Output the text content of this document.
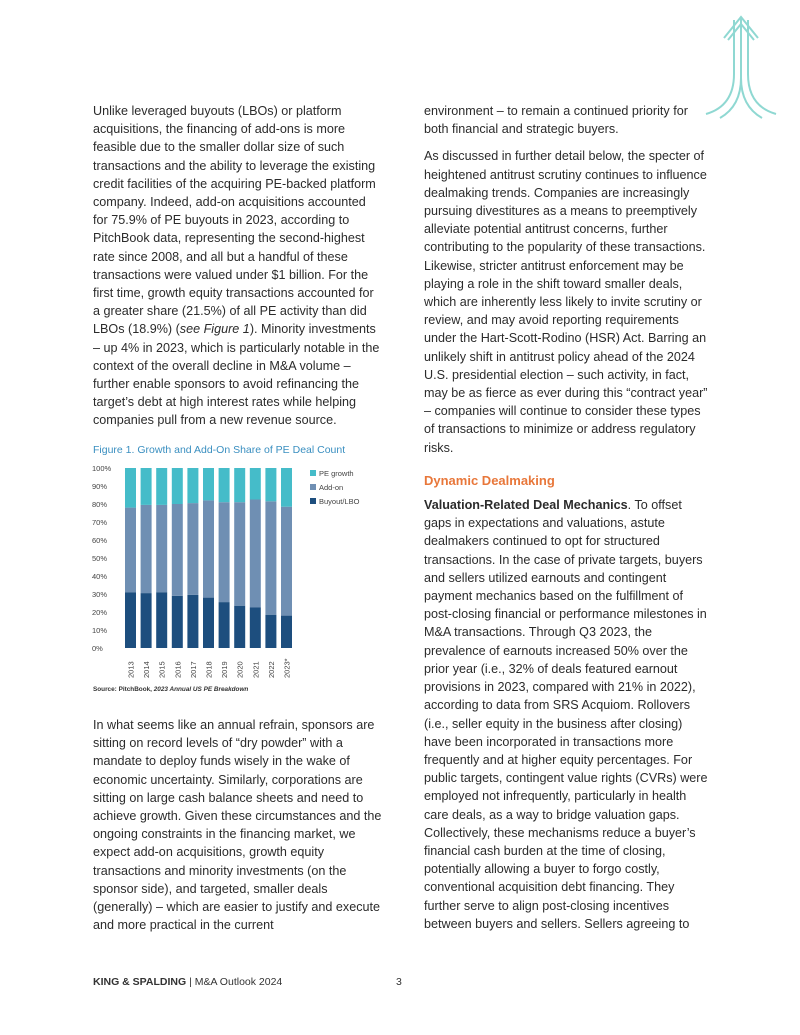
Unlike leveraged buyouts (LBOs) or platform acquisitions, the financing of add-ons is more feasible due to the smaller dollar size of such transactions and the ability to leverage the existing credit facilities of the acquiring PE-backed platform company. Indeed, add-on acquisitions accounted for 75.9% of PE buyouts in 2023, according to PitchBook data, representing the second-highest rate since 2008, and all but a handful of these transactions were valued under $1 billion. For the first time, growth equity transactions accounted for a greater share (21.5%) of all PE activity than did LBOs (18.9%) (see Figure 1). Minority investments – up 4% in 2023, which is particularly notable in the context of the overall decline in M&A volume – further enable sponsors to avoid refinancing the target’s debt at high interest rates while helping companies pull from a new revenue source.

Figure 1. Growth and Add-On Share of PE Deal Count
0%
10%
20%
30%
40%
50%
60%
70%
80%
90%
100%
2013 2014 2015 2016 2017 2018 2019 2020 2021 2022 2023*
PE growth
Add-on
Buyout/LBO
Source: PitchBook, 2023 Annual US PE Breakdown

In what seems like an annual refrain, sponsors are sitting on record levels of “dry powder” with a mandate to deploy funds wisely in the wake of economic uncertainty. Similarly, corporations are sitting on large cash balance sheets and need to achieve growth. Given these circumstances and the ongoing constraints in the financing market, we expect add-on acquisitions, growth equity transactions and minority investments (on the sponsor side), and targeted, smaller deals (generally) – which are easier to justify and execute and more practical in the current

environment – to remain a continued priority for both financial and strategic buyers.

As discussed in further detail below, the specter of heightened antitrust scrutiny continues to influence dealmaking trends. Companies are increasingly pursuing divestitures as a means to preemptively alleviate potential antitrust concerns, further contributing to the popularity of these transactions. Likewise, stricter antitrust enforcement may be playing a role in the shift toward smaller deals, which are inherently less likely to invite scrutiny or review, and may avoid reporting requirements under the Hart-Scott-Rodino (HSR) Act. Barring an unlikely shift in antitrust policy ahead of the 2024 U.S. presidential election – such activity, in fact, may be as fierce as ever during this “contract year” – companies will continue to consider these types of transactions to minimize or address regulatory risks.

Dynamic Dealmaking

Valuation-Related Deal Mechanics. To offset gaps in expectations and valuations, astute dealmakers continued to opt for structured transactions. In the case of private targets, buyers and sellers utilized earnouts and contingent payment mechanics based on the fulfillment of post-closing financial or performance milestones in M&A transactions. Through Q3 2023, the prevalence of earnouts increased 50% over the prior year (i.e., 32% of deals featured earnout provisions in 2023, compared with 21% in 2022), according to data from SRS Acquiom. Rollovers (i.e., seller equity in the business after closing) have been incorporated in transactions more frequently and at higher equity percentages. For public targets, contingent value rights (CVRs) were employed not infrequently, particularly in health care deals, as a way to bridge valuation gaps. Collectively, these mechanisms reduce a buyer’s financial cash burden at the time of closing, potentially allowing a buyer to forgo costly, conventional acquisition debt financing. They further serve to align post-closing incentives between buyers and sellers. Sellers agreeing to

KING & SPALDING | M&A Outlook 2024	3
